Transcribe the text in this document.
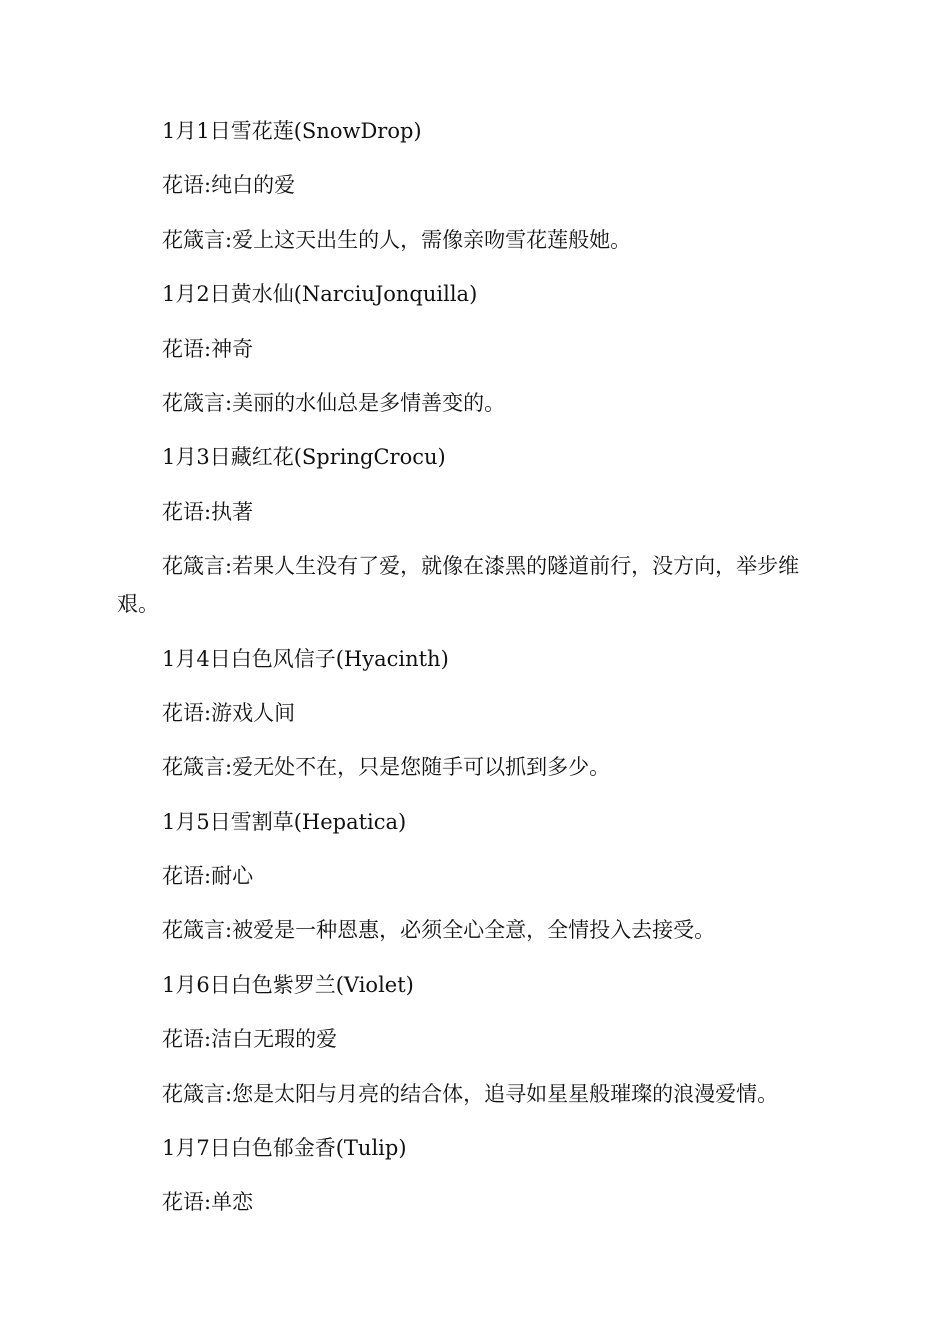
1月1日雪花莲(SnowDrop)

花语:纯白的爱

花箴言:爱上这天出生的人，需像亲吻雪花莲般她。

1月2日黄水仙(NarciuJonquilla)

花语:神奇

花箴言:美丽的水仙总是多情善变的。

1月3日藏红花(SpringCrocu)

花语:执著

花箴言:若果人生没有了爱，就像在漆黑的隧道前行，没方向，举步维艰。

1月4日白色风信子(Hyacinth)

花语:游戏人间

花箴言:爱无处不在，只是您随手可以抓到多少。

1月5日雪割草(Hepatica)

花语:耐心

花箴言:被爱是一种恩惠，必须全心全意，全情投入去接受。

1月6日白色紫罗兰(Violet)

花语:洁白无瑕的爱

花箴言:您是太阳与月亮的结合体，追寻如星星般璀璨的浪漫爱情。

1月7日白色郁金香(Tulip)

花语:单恋
